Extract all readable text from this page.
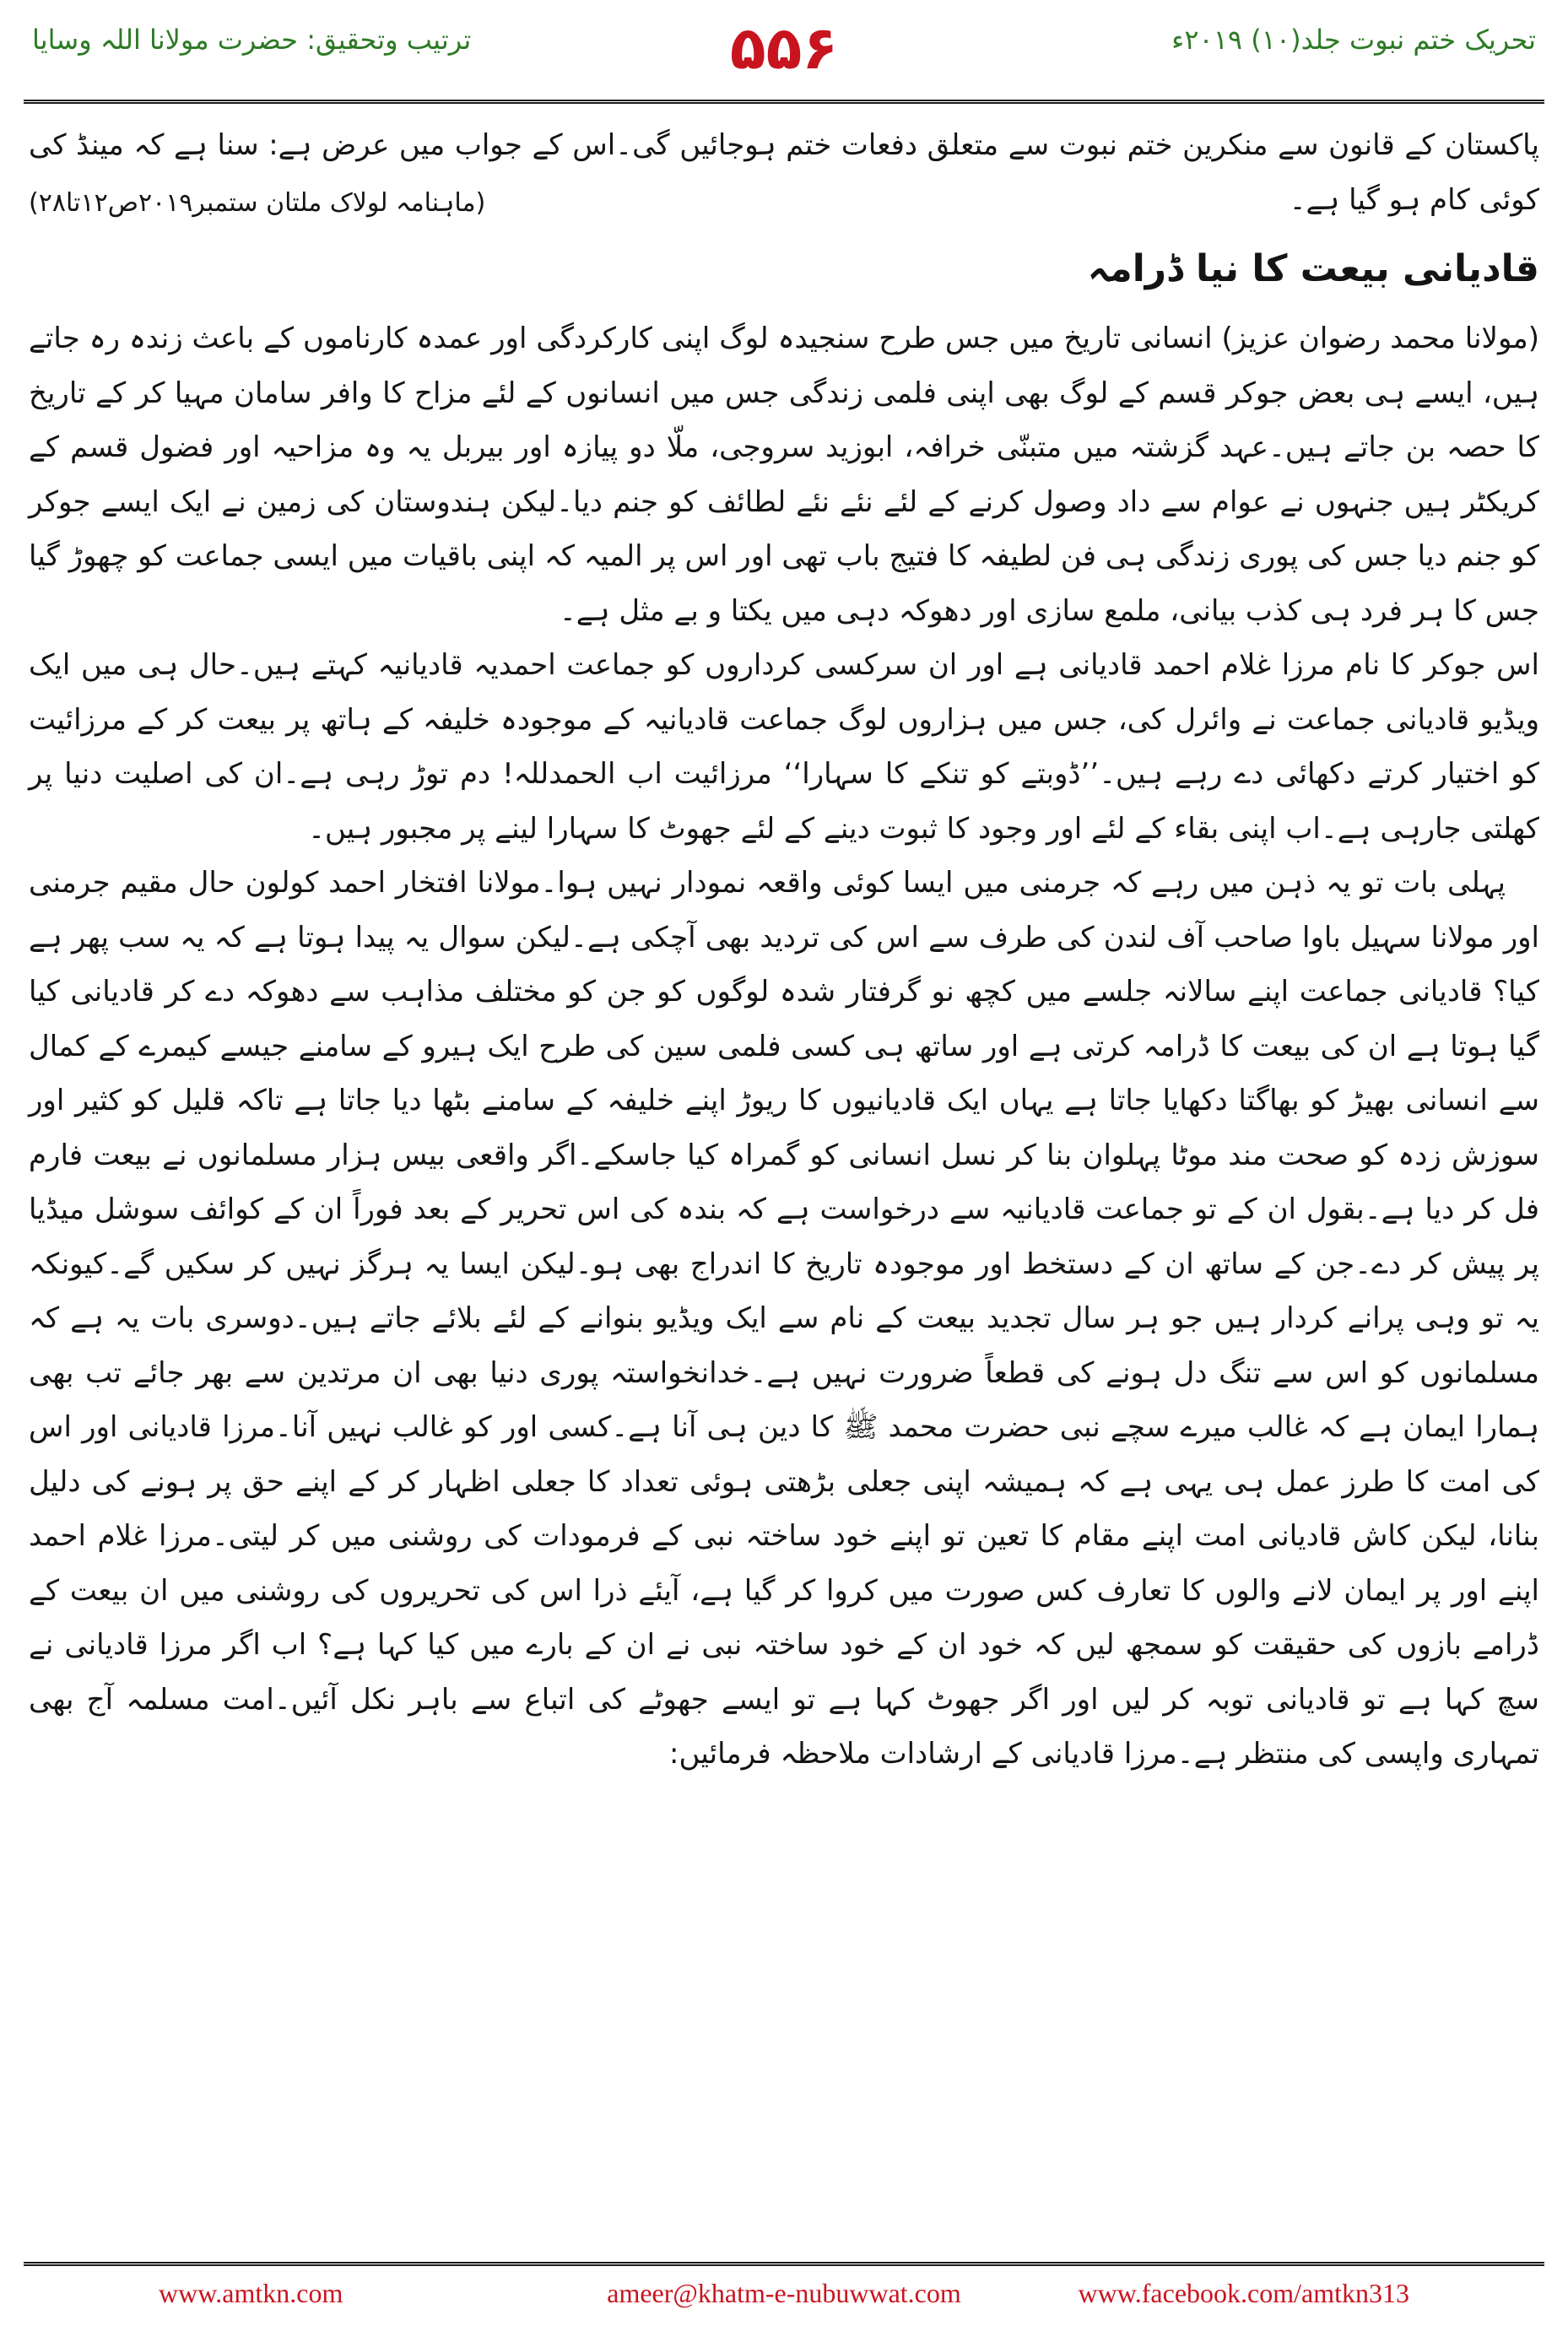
ترتیب وتحقیق: حضرت مولانا اللہ وسایا	۵۵۶	تحریک ختم نبوت جلد(۱۰) ۲۰۱۹ء

پاکستان کے قانون سے منکرین ختم نبوت سے متعلق دفعات ختم ہوجائیں گی۔اس کے جواب میں عرض ہے: سنا ہے کہ مینڈ کی کوئی کام ہو گیا ہے۔

(ماہنامہ لولاک ملتان ستمبر۲۰۱۹ص۱۲تا۲۸)

قادیانی بیعت کا نیا ڈرامہ

(مولانا محمد رضوان عزیز) انسانی تاریخ میں جس طرح سنجیدہ لوگ اپنی کارکردگی اور عمدہ کارناموں کے باعث زندہ رہ جاتے ہیں، ایسے ہی بعض جوکر قسم کے لوگ بھی اپنی فلمی زندگی جس میں انسانوں کے لئے مزاح کا وافر سامان مہیا کر کے تاریخ کا حصہ بن جاتے ہیں۔عہد گزشتہ میں متبنّی خرافہ، ابوزید سروجی، ملّا دو پیازہ اور بیربل یہ وہ مزاحیہ اور فضول قسم کے کریکٹر ہیں جنہوں نے عوام سے داد وصول کرنے کے لئے نئے نئے لطائف کو جنم دیا۔لیکن ہندوستان کی زمین نے ایک ایسے جوکر کو جنم دیا جس کی پوری زندگی ہی فن لطیفہ کا فتیج باب تھی اور اس پر المیہ کہ اپنی باقیات میں ایسی جماعت کو چھوڑ گیا جس کا ہر فرد ہی کذب بیانی، ملمع سازی اور دھوکہ دہی میں یکتا و بے مثل ہے۔

اس جوکر کا نام مرزا غلام احمد قادیانی ہے اور ان سرکسی کرداروں کو جماعت احمدیہ قادیانیہ کہتے ہیں۔حال ہی میں ایک ویڈیو قادیانی جماعت نے وائرل کی، جس میں ہزاروں لوگ جماعت قادیانیہ کے موجودہ خلیفہ کے ہاتھ پر بیعت کر کے مرزائیت کو اختیار کرتے دکھائی دے رہے ہیں۔’’ڈوبتے کو تنکے کا سہارا‘‘ مرزائیت اب الحمدللہ! دم توڑ رہی ہے۔ان کی اصلیت دنیا پر کھلتی جارہی ہے۔اب اپنی بقاء کے لئے اور وجود کا ثبوت دینے کے لئے جھوٹ کا سہارا لینے پر مجبور ہیں۔

پہلی بات تو یہ ذہن میں رہے کہ جرمنی میں ایسا کوئی واقعہ نمودار نہیں ہوا۔مولانا افتخار احمد کولون حال مقیم جرمنی اور مولانا سہیل باوا صاحب آف لندن کی طرف سے اس کی تردید بھی آچکی ہے۔لیکن سوال یہ پیدا ہوتا ہے کہ یہ سب پھر ہے کیا؟ قادیانی جماعت اپنے سالانہ جلسے میں کچھ نو گرفتار شدہ لوگوں کو جن کو مختلف مذاہب سے دھوکہ دے کر قادیانی کیا گیا ہوتا ہے ان کی بیعت کا ڈرامہ کرتی ہے اور ساتھ ہی کسی فلمی سین کی طرح ایک ہیرو کے سامنے جیسے کیمرے کے کمال سے انسانی بھیڑ کو بھاگتا دکھایا جاتا ہے یہاں ایک قادیانیوں کا ریوڑ اپنے خلیفہ کے سامنے بٹھا دیا جاتا ہے تاکہ قلیل کو کثیر اور سوزش زدہ کو صحت مند موٹا پہلوان بنا کر نسل انسانی کو گمراہ کیا جاسکے۔اگر واقعی بیس ہزار مسلمانوں نے بیعت فارم فل کر دیا ہے۔بقول ان کے تو جماعت قادیانیہ سے درخواست ہے کہ بندہ کی اس تحریر کے بعد فوراً ان کے کوائف سوشل میڈیا پر پیش کر دے۔جن کے ساتھ ان کے دستخط اور موجودہ تاریخ کا اندراج بھی ہو۔لیکن ایسا یہ ہرگز نہیں کر سکیں گے۔کیونکہ یہ تو وہی پرانے کردار ہیں جو ہر سال تجدید بیعت کے نام سے ایک ویڈیو بنوانے کے لئے بلائے جاتے ہیں۔دوسری بات یہ ہے کہ مسلمانوں کو اس سے تنگ دل ہونے کی قطعاً ضرورت نہیں ہے۔خدانخواستہ پوری دنیا بھی ان مرتدین سے بھر جائے تب بھی ہمارا ایمان ہے کہ غالب میرے سچے نبی حضرت محمد ﷺ کا دین ہی آنا ہے۔کسی اور کو غالب نہیں آنا۔مرزا قادیانی اور اس کی امت کا طرز عمل ہی یہی ہے کہ ہمیشہ اپنی جعلی بڑھتی ہوئی تعداد کا جعلی اظہار کر کے اپنے حق پر ہونے کی دلیل بنانا، لیکن کاش قادیانی امت اپنے مقام کا تعین تو اپنے خود ساختہ نبی کے فرمودات کی روشنی میں کر لیتی۔مرزا غلام احمد اپنے اور پر ایمان لانے والوں کا تعارف کس صورت میں کروا کر گیا ہے، آیئے ذرا اس کی تحریروں کی روشنی میں ان بیعت کے ڈرامے بازوں کی حقیقت کو سمجھ لیں کہ خود ان کے خود ساختہ نبی نے ان کے بارے میں کیا کہا ہے؟ اب اگر مرزا قادیانی نے سچ کہا ہے تو قادیانی توبہ کر لیں اور اگر جھوٹ کہا ہے تو ایسے جھوٹے کی اتباع سے باہر نکل آئیں۔امت مسلمہ آج بھی تمہاری واپسی کی منتظر ہے۔مرزا قادیانی کے ارشادات ملاحظہ فرمائیں:

www.amtkn.com	ameer@khatm-e-nubuwwat.com	www.facebook.com/amtkn313
